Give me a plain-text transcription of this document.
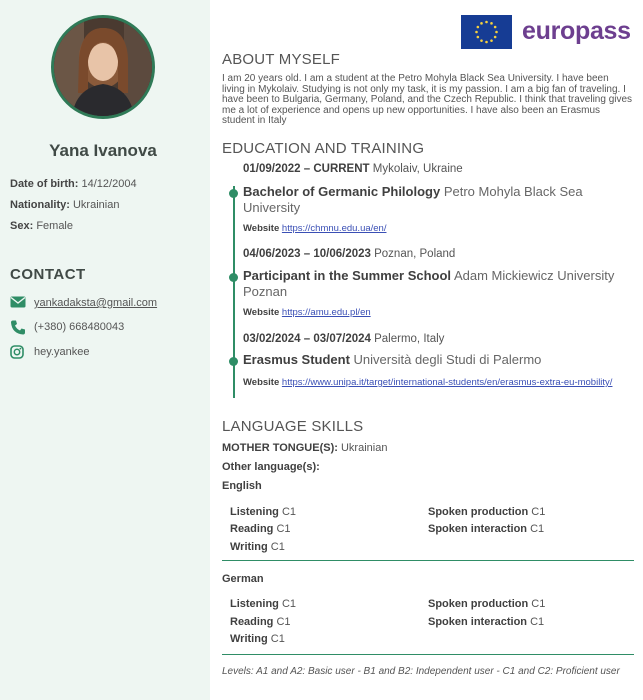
Yana Ivanova
Date of birth: 14/12/2004
Nationality: Ukrainian
Sex: Female
CONTACT
yankadaksta@gmail.com
(+380) 668480043
hey.yankee
europass
ABOUT MYSELF
I am 20 years old. I am a student at the Petro Mohyla Black Sea University. I have been living in Mykolaiv. Studying is not only my task, it is my passion. I am a big fan of traveling. I have been to Bulgaria, Germany, Poland, and the Czech Republic. I think that traveling gives me a lot of experience and opens up new opportunities. I have also been an Erasmus student in Italy
EDUCATION AND TRAINING
01/09/2022 – CURRENT Mykolaiv, Ukraine
Bachelor of Germanic Philology Petro Mohyla Black Sea University
Website https://chmnu.edu.ua/en/
04/06/2023 – 10/06/2023 Poznan, Poland
Participant in the Summer School Adam Mickiewicz University Poznan
Website https://amu.edu.pl/en
03/02/2024 – 03/07/2024 Palermo, Italy
Erasmus Student Università degli Studi di Palermo
Website https://www.unipa.it/target/international-students/en/erasmus-extra-eu-mobility/
LANGUAGE SKILLS
MOTHER TONGUE(S): Ukrainian
Other language(s):
English
Listening C1	Spoken production C1
Reading C1	Spoken interaction C1
Writing C1
German
Listening C1	Spoken production C1
Reading C1	Spoken interaction C1
Writing C1
Levels: A1 and A2: Basic user - B1 and B2: Independent user - C1 and C2: Proficient user
